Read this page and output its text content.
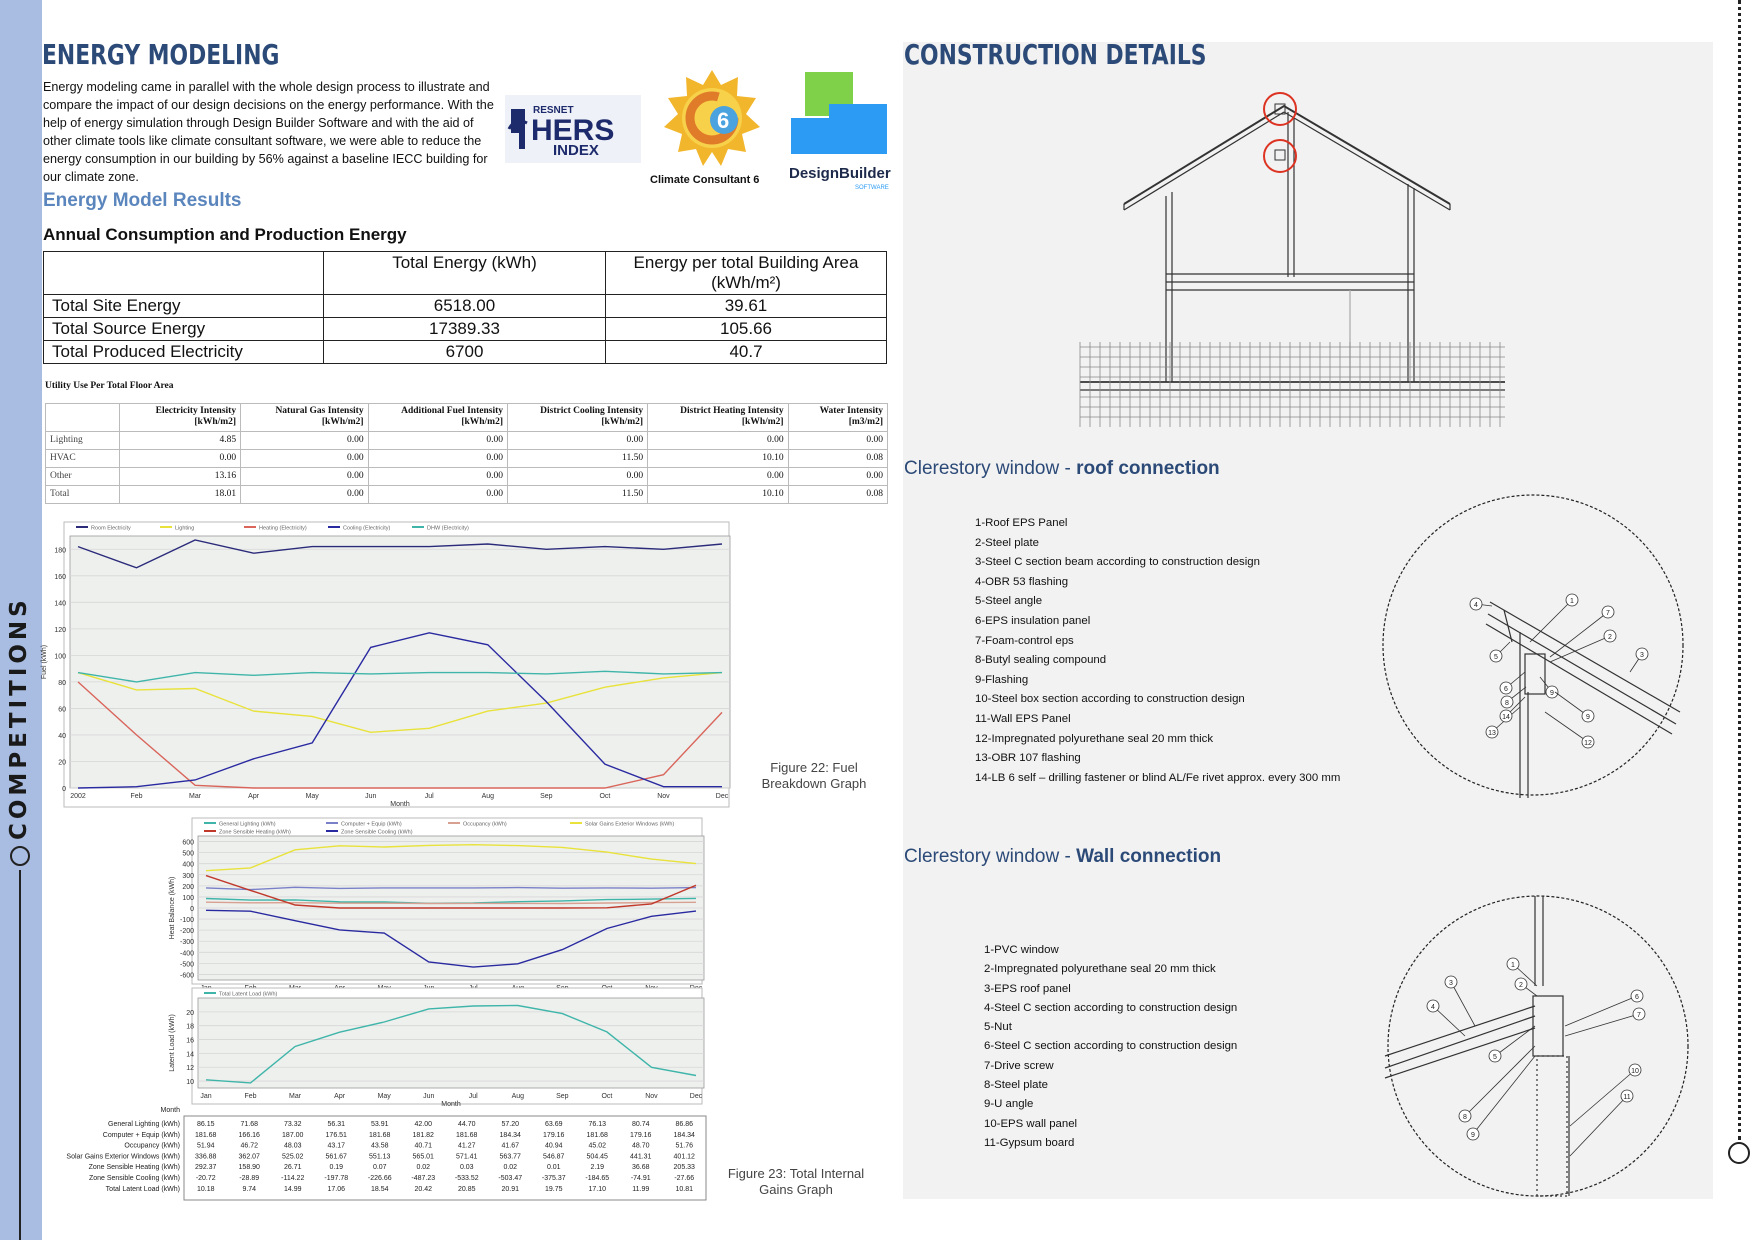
COMPETITIONS
ENERGY MODELING

Energy modeling came in parallel with the whole design process to illustrate and compare the impact of our design decisions on the energy performance. With the help of energy simulation through Design Builder Software and with the aid of other climate tools like climate consultant software, we were able to reduce the energy consumption in our building by 56% against a baseline IECC building for our climate zone.

Energy Model Results
Annual Consumption and Production Energy
RESNET
HERS
INDEX
6
Climate Consultant 6 DesignBuilder
SOFTWARE
	Total Energy (kWh)	Energy per total Building Area (kWh/m²)
Total Site Energy	6518.00	39.61
Total Source Energy	17389.33	105.66
Total Produced Electricity	6700	40.7
Utility Use Per Total Floor Area
	Electricity Intensity [kWh/m2]	Natural Gas Intensity [kWh/m2]	Additional Fuel Intensity [kWh/m2]	District Cooling Intensity [kWh/m2]	District Heating Intensity [kWh/m2]	Water Intensity [m3/m2]
Lighting	4.85	0.00	0.00	0.00	0.00	0.00
HVAC	0.00	0.00	0.00	11.50	10.10	0.08
Other	13.16	0.00	0.00	0.00	0.00	0.00
Total	18.01	0.00	0.00	11.50	10.10	0.08
0
20
40
60
80
100
120
140
160
180
2002	Feb	Mar	Apr	May	Jun	Jul	Aug	Sep	Oct	Nov	Dec
Month
Fuel (kWh)
Room Electricity	Lighting	Heating (Electricity)	Cooling (Electricity)	DHW (Electricity)
Figure 22: Fuel
Breakdown Graph
600
500
400
300
200
100
0
-100
-200
-300
-400
-500
-600
Heat Balance (kWh)
General Lighting (kWh)	Computer + Equip (kWh)	Occupancy (kWh)	Solar Gains Exterior Windows (kWh)
Zone Sensible Heating (kWh)	Zone Sensible Cooling (kWh)
20
18
16
14
12
10
Jan	Feb	Mar	Apr	May	Jun	Jul	Aug	Sep	Oct	Nov	Dec
Month
Latent Load (kWh)
Total Latent Load (kWh)
Month
General Lighting (kWh) 86.15	71.68	73.32	56.31	53.91	42.00	44.70	57.20	63.69	76.13	80.74	86.86
Computer + Equip (kWh) 181.68	166.16	187.00	176.51	181.68	181.82	181.68	184.34	179.16	181.68	179.16	184.34
Occupancy (kWh) 51.94	46.72	48.03	43.17	43.58	40.71	41.27	41.67	40.94	45.02	48.70	51.76
Solar Gains Exterior Windows (kWh) 336.88	362.07	525.02	561.67	551.13	565.01	571.41	563.77	546.87	504.45	441.31	401.12
Zone Sensible Heating (kWh) 292.37	158.90	26.71	0.19	0.07	0.02	0.03	0.02	0.01	2.19	36.68	205.33
Zone Sensible Cooling (kWh) -20.72	-28.89	-114.22	-197.78	-226.66	-487.23	-533.52	-503.47	-375.37	-184.65	-74.91	-27.66
Total Latent Load (kWh) 10.18	9.74	14.99	17.06	18.54	20.42	20.85	20.91	19.75	17.10	11.99	10.81
Figure 23: Total Internal
Gains Graph
CONSTRUCTION DETAILS
Clerestory window - roof connection
1-Roof EPS Panel
2-Steel plate
3-Steel C section beam according to construction design
4-OBR 53 flashing
5-Steel angle
6-EPS insulation panel
7-Foam-control eps
8-Butyl sealing compound
9-Flashing
10-Steel box section according to construction design
11-Wall EPS Panel
12-Impregnated polyurethane seal 20 mm thick
13-OBR 107 flashing
14-LB 6 self – drilling fastener or blind AL/Fe rivet approx. every 300 mm
1
2
3
4
5
6
7
8
9
9
12
13
14
Clerestory window - Wall connection
1-PVC window
2-Impregnated polyurethane seal 20 mm thick
3-EPS roof panel
4-Steel C section according to construction design
5-Nut
6-Steel C section according to construction design
7-Drive screw
8-Steel plate
9-U angle
10-EPS wall panel
11-Gypsum board
1
2
3
4
5
6
7
8
9
10
11
